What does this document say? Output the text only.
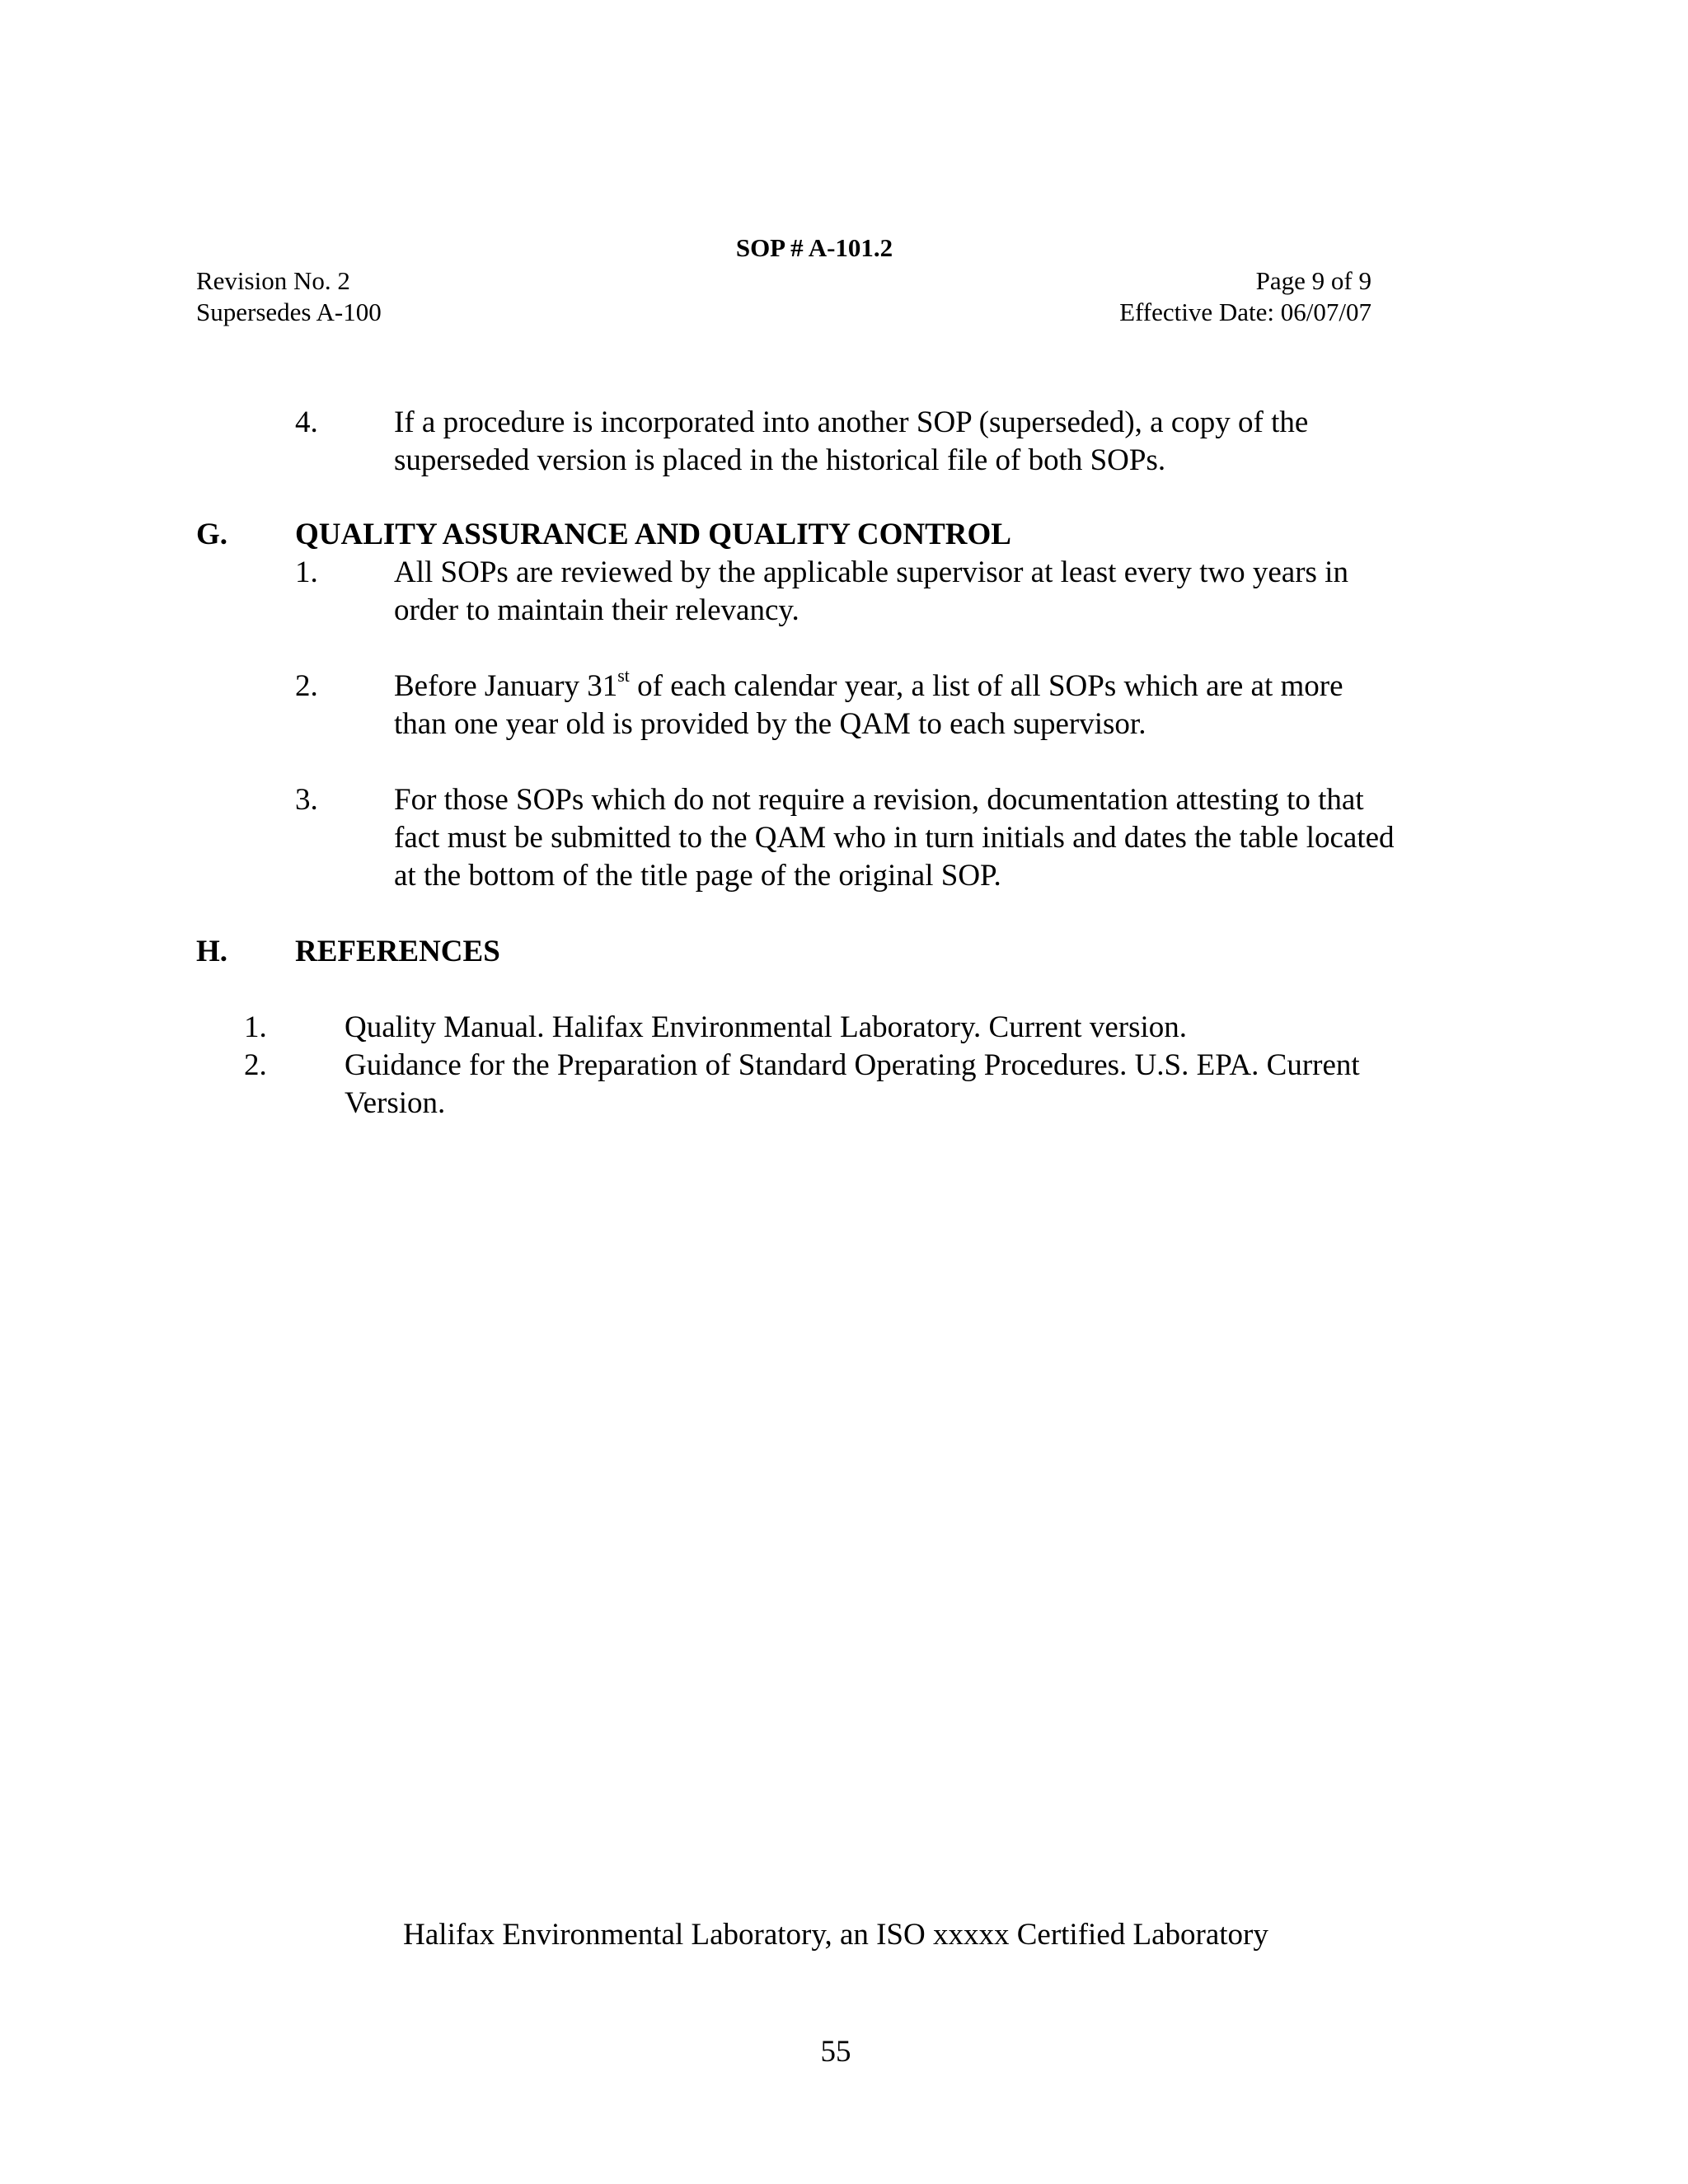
SOP # A-101.2
Revision No. 2
Supersedes A-100
Page 9 of 9
Effective Date: 06/07/07
4. If a procedure is incorporated into another SOP (superseded), a copy of the
superseded version is placed in the historical file of both SOPs.
G. QUALITY ASSURANCE AND QUALITY CONTROL
1. All SOPs are reviewed by the applicable supervisor at least every two years in
order to maintain their relevancy.
2. Before January 31st of each calendar year, a list of all SOPs which are at more
than one year old is provided by the QAM to each supervisor.
3. For those SOPs which do not require a revision, documentation attesting to that
fact must be submitted to the QAM who in turn initials and dates the table located
at the bottom of the title page of the original SOP.
H. REFERENCES
1.	Quality Manual. Halifax Environmental Laboratory. Current version.
2.	Guidance for the Preparation of Standard Operating Procedures. U.S. EPA. Current
Version.
Halifax Environmental Laboratory, an ISO xxxxx Certified Laboratory
55
